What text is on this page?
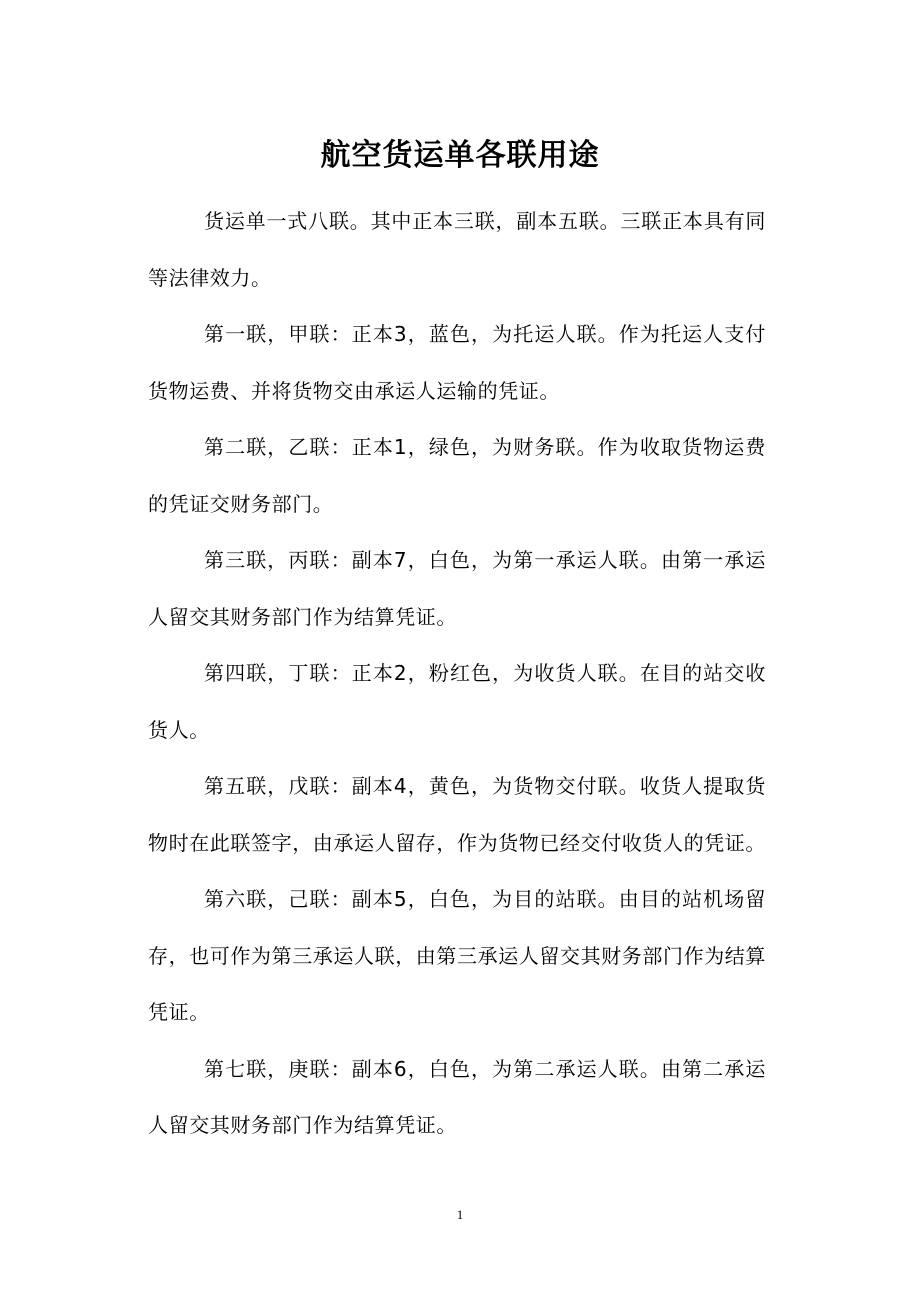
航空货运单各联用途

货运单一式八联。其中正本三联，副本五联。三联正本具有同等法律效力。

第一联，甲联：正本3，蓝色，为托运人联。作为托运人支付货物运费、并将货物交由承运人运输的凭证。

第二联，乙联：正本1，绿色，为财务联。作为收取货物运费的凭证交财务部门。

第三联，丙联：副本7，白色，为第一承运人联。由第一承运人留交其财务部门作为结算凭证。

第四联，丁联：正本2，粉红色，为收货人联。在目的站交收货人。

第五联，戊联：副本4，黄色，为货物交付联。收货人提取货物时在此联签字，由承运人留存，作为货物已经交付收货人的凭证。

第六联，己联：副本5，白色，为目的站联。由目的站机场留存，也可作为第三承运人联，由第三承运人留交其财务部门作为结算凭证。

第七联，庚联：副本6，白色，为第二承运人联。由第二承运人留交其财务部门作为结算凭证。

1
